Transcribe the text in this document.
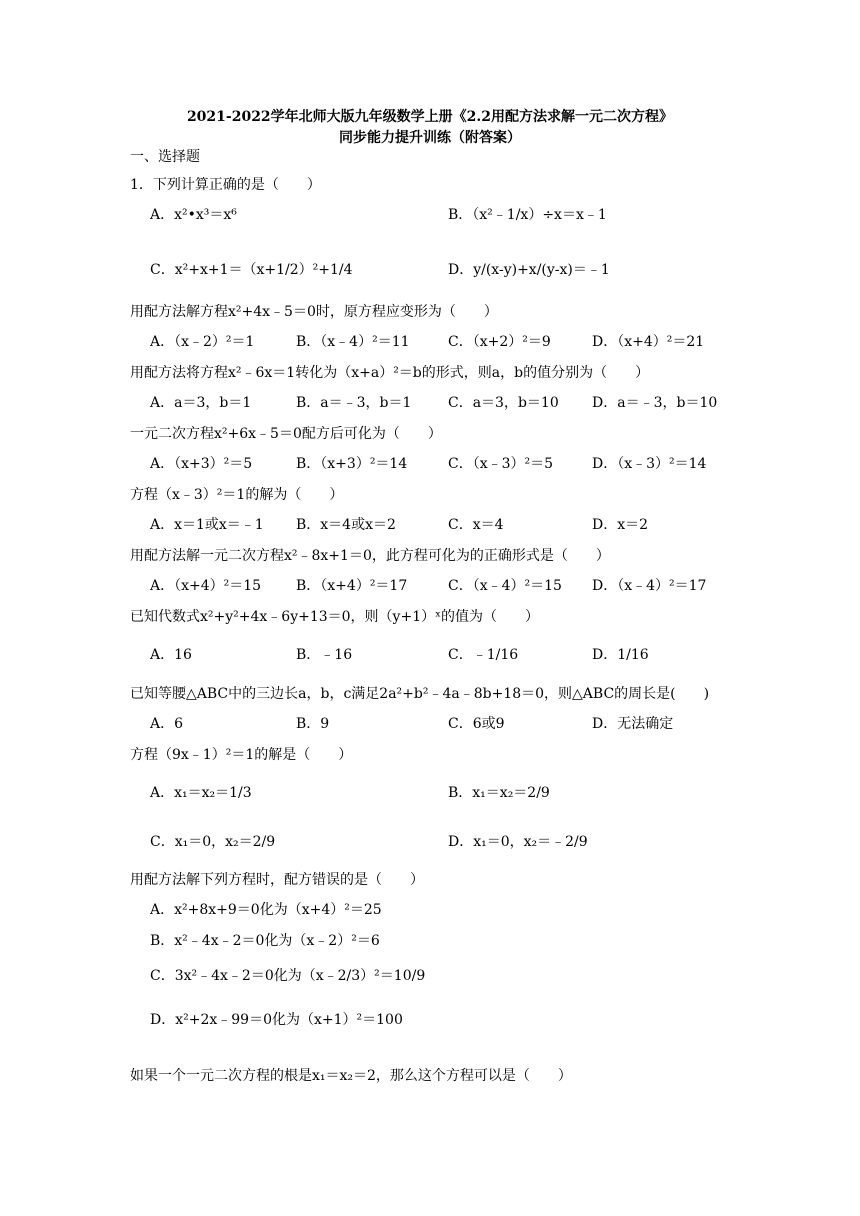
2021-2022学年北师大版九年级数学上册《2.2用配方法求解一元二次方程》
同步能力提升训练（附答案）
一、选择题
1．下列计算正确的是（　　）
A．x²•x³＝x⁶	B．（x²﹣1/x）÷x＝x﹣1
C．x²+x+1＝（x+1/2）²+1/4	D．y/(x-y)+x/(y-x)＝﹣1
用配方法解方程x²+4x﹣5＝0时，原方程应变形为（　　）
A．（x﹣2）²＝1	B．（x﹣4）²＝11	C．（x+2）²＝9	D．（x+4）²＝21
用配方法将方程x²﹣6x＝1转化为（x+a）²＝b的形式，则a，b的值分别为（　　）
A．a＝3，b＝1	B．a＝﹣3，b＝1	C．a＝3，b＝10 D．a＝﹣3，b＝10
一元二次方程x²+6x﹣5＝0配方后可化为（　　）
A．（x+3）²＝5	B．（x+3）²＝14	C．（x﹣3）²＝5	D．（x﹣3）²＝14
方程（x﹣3）²＝1的解为（　　）
A．x＝1或x＝﹣1 B．x＝4或x＝2	C．x＝4	D．x＝2
用配方法解一元二次方程x²﹣8x+1＝0，此方程可化为的正确形式是（　　）
A．（x+4）²＝15 B．（x+4）²＝17	C．（x﹣4）²＝15 D．（x﹣4）²＝17
已知代数式x²+y²+4x﹣6y+13＝0，则（y+1）ˣ的值为（　　）
A．16	B．﹣16	C．﹣1/16	D．1/16
已知等腰△ABC中的三边长a，b，c满足2a²+b²﹣4a﹣8b+18＝0，则△ABC的周长是(　　)
A．6	B．9	C．6或9	D．无法确定
方程（9x﹣1）²＝1的解是（　　）
A．x₁＝x₂＝1/3	B．x₁＝x₂＝2/9
C．x₁＝0，x₂＝2/9	D．x₁＝0，x₂＝﹣2/9
用配方法解下列方程时，配方错误的是（　　）
A．x²+8x+9＝0化为（x+4）²＝25
B．x²﹣4x﹣2＝0化为（x﹣2）²＝6
C．3x²﹣4x﹣2＝0化为（x﹣2/3）²＝10/9
D．x²+2x﹣99＝0化为（x+1）²＝100
如果一个一元二次方程的根是x₁＝x₂＝2，那么这个方程可以是（　　）
